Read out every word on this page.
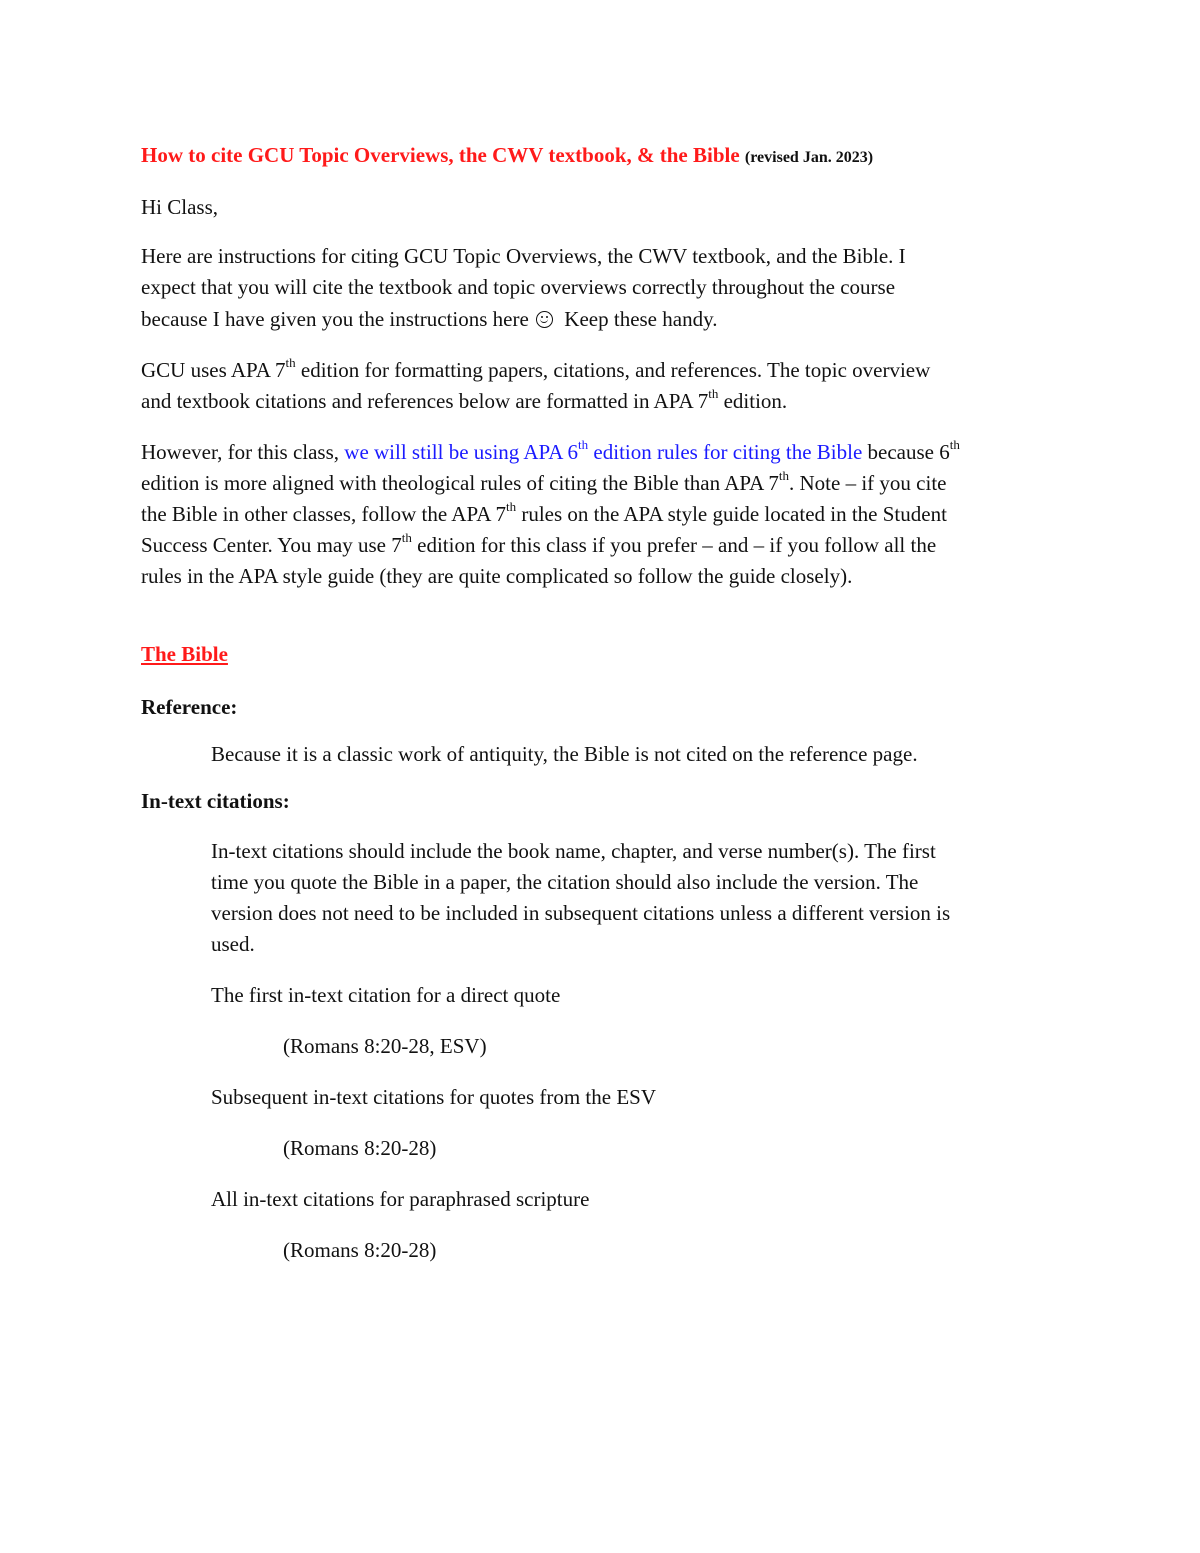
How to cite GCU Topic Overviews, the CWV textbook, & the Bible (revised Jan. 2023)
Hi Class,
Here are instructions for citing GCU Topic Overviews, the CWV textbook, and the Bible. I
expect that you will cite the textbook and topic overviews correctly throughout the course
because I have given you the instructions here Keep these handy.
GCU uses APA 7th edition for formatting papers, citations, and references. The topic overview
and textbook citations and references below are formatted in APA 7th edition.
However, for this class, we will still be using APA 6th edition rules for citing the Bible because 6th
edition is more aligned with theological rules of citing the Bible than APA 7th. Note – if you cite
the Bible in other classes, follow the APA 7th rules on the APA style guide located in the Student
Success Center. You may use 7th edition for this class if you prefer – and – if you follow all the
rules in the APA style guide (they are quite complicated so follow the guide closely).
The Bible
Reference:
Because it is a classic work of antiquity, the Bible is not cited on the reference page.
In-text citations:
In-text citations should include the book name, chapter, and verse number(s). The first
time you quote the Bible in a paper, the citation should also include the version. The
version does not need to be included in subsequent citations unless a different version is
used.
The first in-text citation for a direct quote
(Romans 8:20-28, ESV)
Subsequent in-text citations for quotes from the ESV
(Romans 8:20-28)
All in-text citations for paraphrased scripture
(Romans 8:20-28)
